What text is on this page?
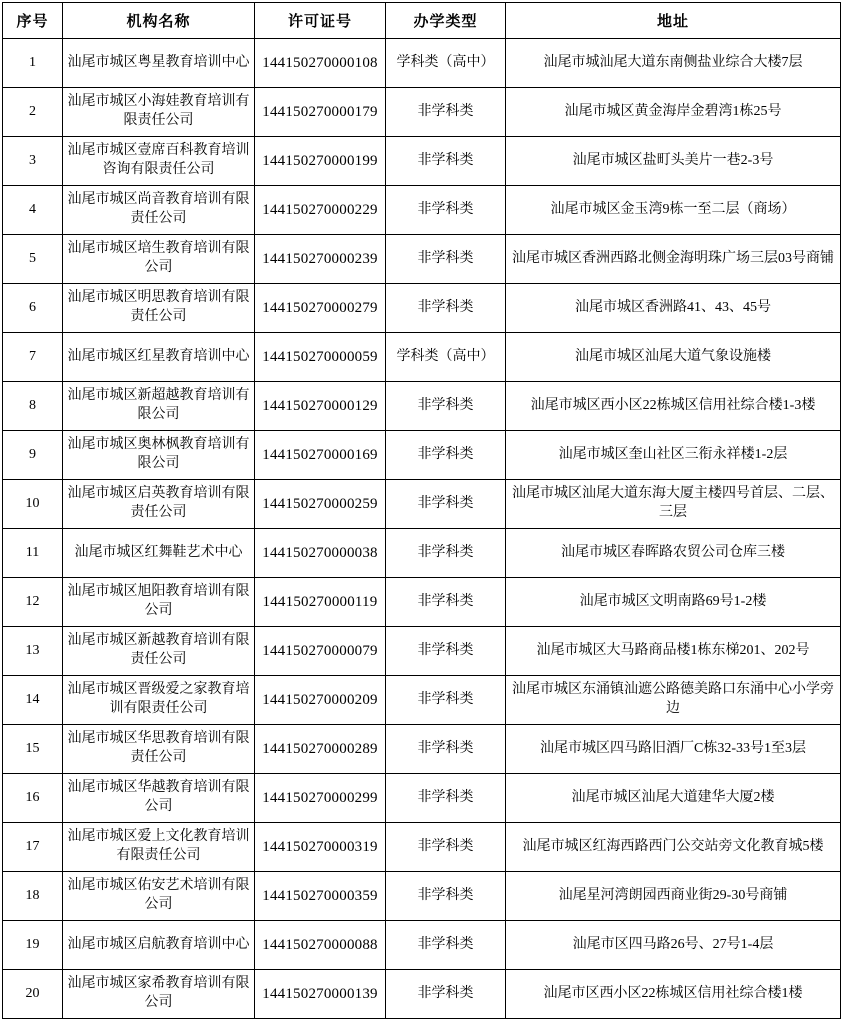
序号	机构名称	许可证号	办学类型	地址
1	汕尾市城区粤星教育培训中心	144150270000108	学科类（高中）	汕尾市城汕尾大道东南侧盐业综合大楼7层
2	汕尾市城区小海娃教育培训有限责任公司	144150270000179	非学科类	汕尾市城区黄金海岸金碧湾1栋25号
3	汕尾市城区壹席百科教育培训咨询有限责任公司	144150270000199	非学科类	汕尾市城区盐町头美片一巷2-3号
4	汕尾市城区尚音教育培训有限责任公司	144150270000229	非学科类	汕尾市城区金玉湾9栋一至二层（商场）
5	汕尾市城区培生教育培训有限公司	144150270000239	非学科类	汕尾市城区香洲西路北侧金海明珠广场三层03号商铺
6	汕尾市城区明思教育培训有限责任公司	144150270000279	非学科类	汕尾市城区香洲路41、43、45号
7	汕尾市城区红星教育培训中心	144150270000059	学科类（高中）	汕尾市城区汕尾大道气象设施楼
8	汕尾市城区新超越教育培训有限公司	144150270000129	非学科类	汕尾市城区西小区22栋城区信用社综合楼1-3楼
9	汕尾市城区奥林枫教育培训有限公司	144150270000169	非学科类	汕尾市城区奎山社区三衔永祥楼1-2层
10	汕尾市城区启英教育培训有限责任公司	144150270000259	非学科类	汕尾市城区汕尾大道东海大厦主楼四号首层、二层、三层
11	汕尾市城区红舞鞋艺术中心	144150270000038	非学科类	汕尾市城区春晖路农贸公司仓库三楼
12	汕尾市城区旭阳教育培训有限公司	144150270000119	非学科类	汕尾市城区文明南路69号1-2楼
13	汕尾市城区新越教育培训有限责任公司	144150270000079	非学科类	汕尾市城区大马路商品楼1栋东梯201、202号
14	汕尾市城区晋级爱之家教育培训有限责任公司	144150270000209	非学科类	汕尾市城区东涌镇汕遮公路德美路口东涌中心小学旁边
15	汕尾市城区华思教育培训有限责任公司	144150270000289	非学科类	汕尾市城区四马路旧酒厂C栋32-33号1至3层
16	汕尾市城区华越教育培训有限公司	144150270000299	非学科类	汕尾市城区汕尾大道建华大厦2楼
17	汕尾市城区爱上文化教育培训有限责任公司	144150270000319	非学科类	汕尾市城区红海西路西门公交站旁文化教育城5楼
18	汕尾市城区佑安艺术培训有限公司	144150270000359	非学科类	汕尾星河湾朗园西商业街29-30号商铺
19	汕尾市城区启航教育培训中心	144150270000088	非学科类	汕尾市区四马路26号、27号1-4层
20	汕尾市城区家希教育培训有限公司	144150270000139	非学科类	汕尾市区西小区22栋城区信用社综合楼1楼
